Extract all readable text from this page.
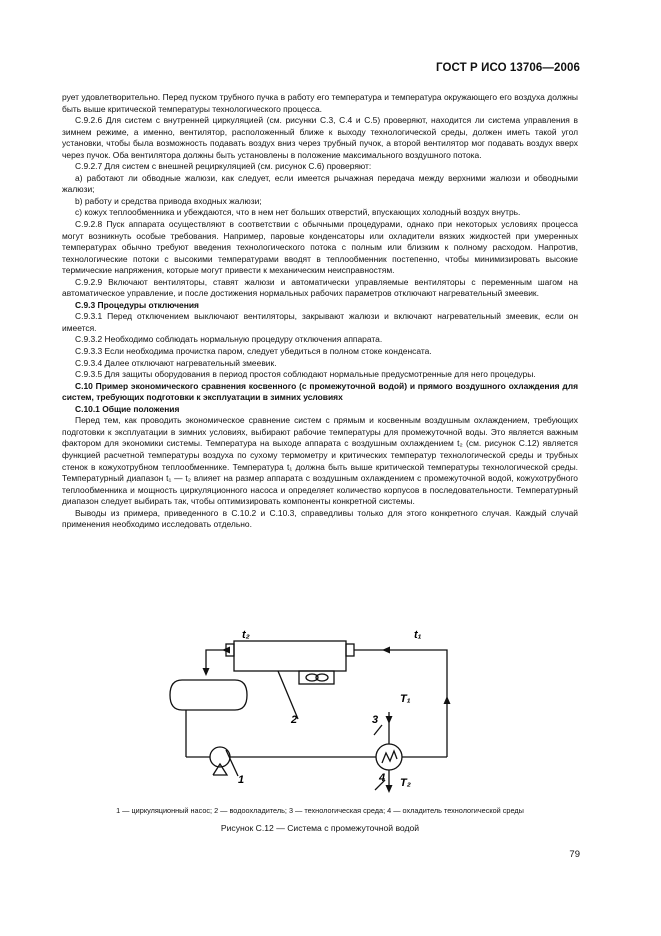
ГОСТ Р ИСО 13706—2006

рует удовлетворительно. Перед пуском трубного пучка в работу его температура и температура окружающего его воздуха должны быть выше критической температуры технологического процесса.

С.9.2.6 Для систем с внутренней циркуляцией (см. рисунки С.3, С.4 и С.5) проверяют, находится ли система управления в зимнем режиме, а именно, вентилятор, расположенный ближе к выходу технологической среды, должен иметь такой угол установки, чтобы была возможность подавать воздух вниз через трубный пучок, а второй вентилятор мог подавать воздух вверх через пучок. Оба вентилятора должны быть установлены в положение максимального воздушного потока.

С.9.2.7 Для систем с внешней рециркуляцией (см. рисунок С.6) проверяют:

a) работают ли обводные жалюзи, как следует, если имеется рычажная передача между верхними жалюзи и обводными жалюзи;

b) работу и средства привода входных жалюзи;

c) кожух теплообменника и убеждаются, что в нем нет больших отверстий, впускающих холодный воздух внутрь.

С.9.2.8 Пуск аппарата осуществляют в соответствии с обычными процедурами, однако при некоторых условиях процесса могут возникнуть особые требования. Например, паровые конденсаторы или охладители вязких жидкостей при умеренных температурах обычно требуют введения технологического потока с полным или близким к полному расходом. Напротив, технологические потоки с высокими температурами вводят в теплообменник постепенно, чтобы минимизировать высокие термические напряжения, которые могут привести к механическим неисправностям.

С.9.2.9 Включают вентиляторы, ставят жалюзи и автоматически управляемые вентиляторы с переменным шагом на автоматическое управление, и после достижения нормальных рабочих параметров отключают нагревательный змеевик.

С.9.3 Процедуры отключения

С.9.3.1 Перед отключением выключают вентиляторы, закрывают жалюзи и включают нагревательный змеевик, если он имеется.

С.9.3.2 Необходимо соблюдать нормальную процедуру отключения аппарата.

С.9.3.3 Если необходима прочистка паром, следует убедиться в полном стоке конденсата.

С.9.3.4 Далее отключают нагревательный змеевик.

С.9.3.5 Для защиты оборудования в период простоя соблюдают нормальные предусмотренные для него процедуры.

С.10 Пример экономического сравнения косвенного (с промежуточной водой) и прямого воздушного охлаждения для систем, требующих подготовки к эксплуатации в зимних условиях

С.10.1 Общие положения

Перед тем, как проводить экономическое сравнение систем с прямым и косвенным воздушным охлаждением, требующих подготовки к эксплуатации в зимних условиях, выбирают рабочие температуры для промежуточной воды. Это является важным фактором для экономики системы. Температура на выходе аппарата с воздушным охлаждением t₂ (см. рисунок С.12) является функцией расчетной температуры воздуха по сухому термометру и критических температур технологической среды и трубных стенок в кожухотрубном теплообменнике. Температура t₁ должна быть выше критической температуры технологической среды. Температурный диапазон t₁ — t₂ влияет на размер аппарата с воздушным охлаждением с промежуточной водой, кожухотрубного теплообменника и мощность циркуляционного насоса и определяет количество корпусов в последовательности. Температурный диапазон следует выбирать так, чтобы оптимизировать компоненты конкретной системы.

Выводы из примера, приведенного в С.10.2 и С.10.3, справедливы только для этого конкретного случая. Каждый случай применения необходимо исследовать отдельно.

t₂	t₁
T₁
T₂
2	3
1	4
1 — циркуляционный насос; 2 — водоохладитель; 3 — технологическая среда; 4 — охладитель технологической среды
Рисунок С.12 — Система с промежуточной водой
79
